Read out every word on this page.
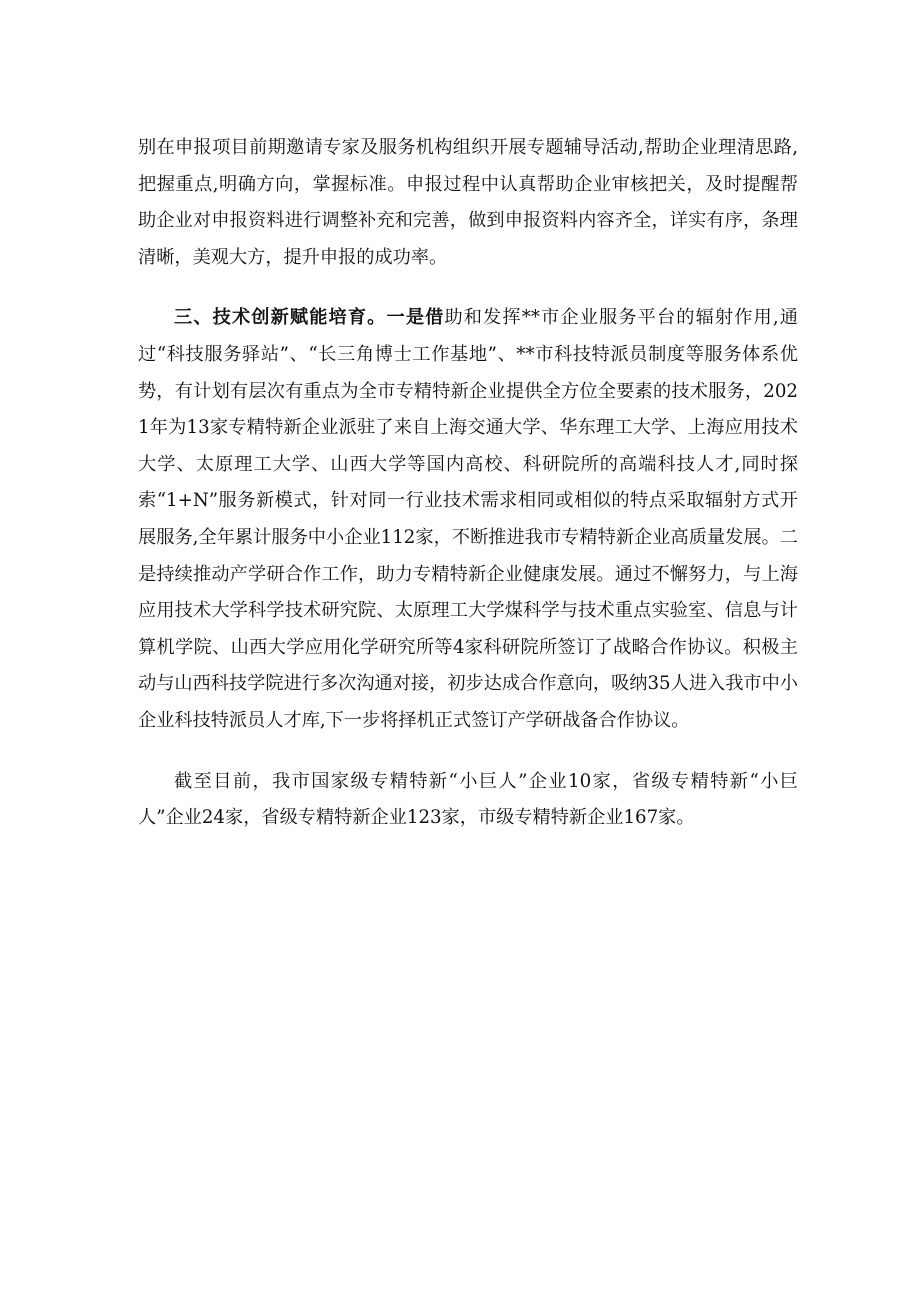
别在申报项目前期邀请专家及服务机构组织开展专题辅导活动,帮助企业理清思路,把握重点,明确方向，掌握标准。申报过程中认真帮助企业审核把关，及时提醒帮助企业对申报资料进行调整补充和完善，做到申报资料内容齐全，详实有序，条理清晰，美观大方，提升申报的成功率。

三、技术创新赋能培育。一是借助和发挥**市企业服务平台的辐射作用,通过“科技服务驿站”、“长三角博士工作基地”、**市科技特派员制度等服务体系优势，有计划有层次有重点为全市专精特新企业提供全方位全要素的技术服务，2021年为13家专精特新企业派驻了来自上海交通大学、华东理工大学、上海应用技术大学、太原理工大学、山西大学等国内高校、科研院所的高端科技人才,同时探索“1+N”服务新模式，针对同一行业技术需求相同或相似的特点采取辐射方式开展服务,全年累计服务中小企业112家，不断推进我市专精特新企业高质量发展。二是持续推动产学研合作工作，助力专精特新企业健康发展。通过不懈努力，与上海应用技术大学科学技术研究院、太原理工大学煤科学与技术重点实验室、信息与计算机学院、山西大学应用化学研究所等4家科研院所签订了战略合作协议。积极主动与山西科技学院进行多次沟通对接，初步达成合作意向，吸纳35人进入我市中小企业科技特派员人才库,下一步将择机正式签订产学研战备合作协议。

截至目前，我市国家级专精特新“小巨人”企业10家，省级专精特新“小巨人”企业24家，省级专精特新企业123家，市级专精特新企业167家。
